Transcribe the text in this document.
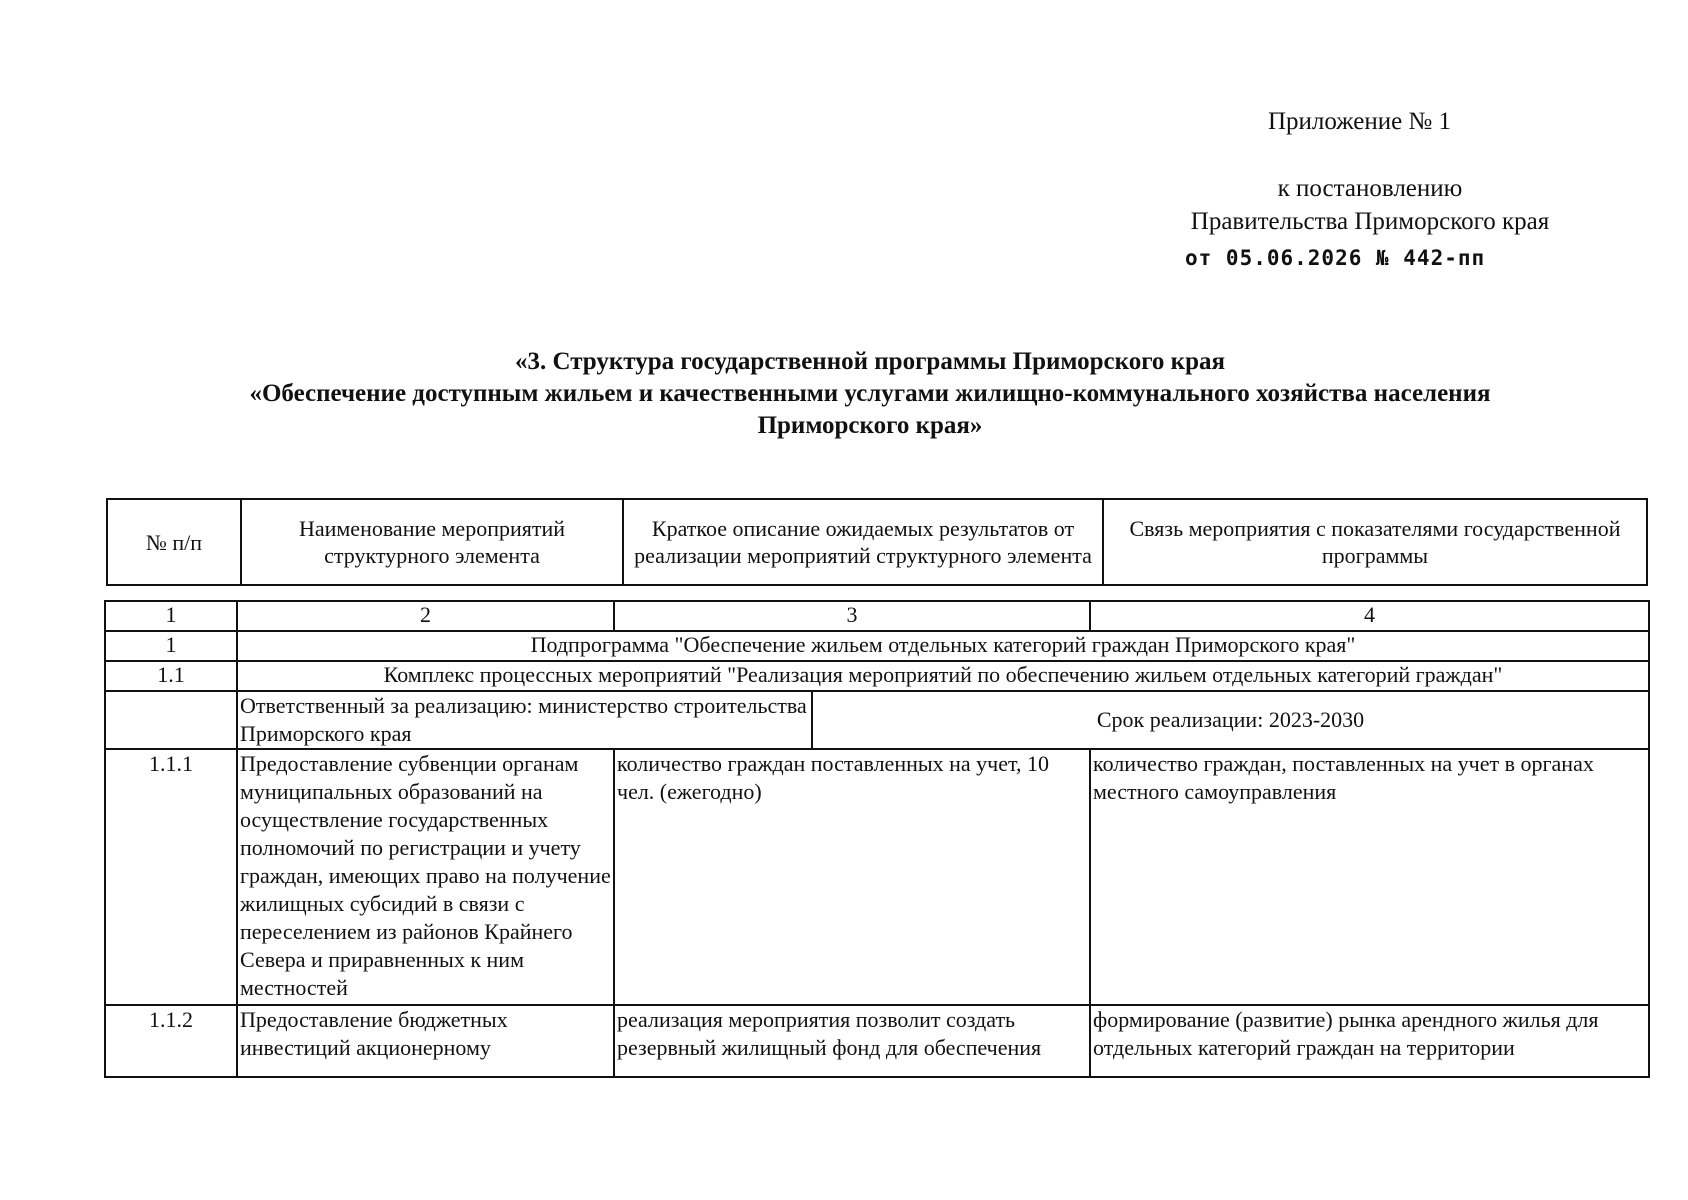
Приложение № 1
к постановлению
Правительства Приморского края
от 05.06.2026 № 442-пп
«3. Структура государственной программы Приморского края
«Обеспечение доступным жильем и качественными услугами жилищно-коммунального хозяйства населения
Приморского края»
№ п/п	Наименование мероприятий структурного элемента	Краткое описание ожидаемых результатов от реализации мероприятий структурного элемента	Связь мероприятия с показателями государственной программы
1	2	3		4
1	Подпрограмма "Обеспечение жильем отдельных категорий граждан Приморского края"			
1.1	Комплекс процессных мероприятий "Реализация мероприятий по обеспечению жильем отдельных категорий граждан"			
	Ответственный за реализацию: министерство строительства Приморского края		Срок реализации: 2023-2030	
1.1.1	Предоставление субвенции органам муниципальных образований на осуществление государственных полномочий по регистрации и учету граждан, имеющих право на получение жилищных субсидий в связи с переселением из районов Крайнего Севера и приравненных к ним местностей	количество граждан поставленных на учет, 10 чел. (ежегодно)		количество граждан, поставленных на учет в органах местного самоуправления
1.1.2	Предоставление бюджетных инвестиций акционерному	реализация мероприятия позволит создать резервный жилищный фонд для обеспечения		формирование (развитие) рынка арендного жилья для отдельных категорий граждан на территории
